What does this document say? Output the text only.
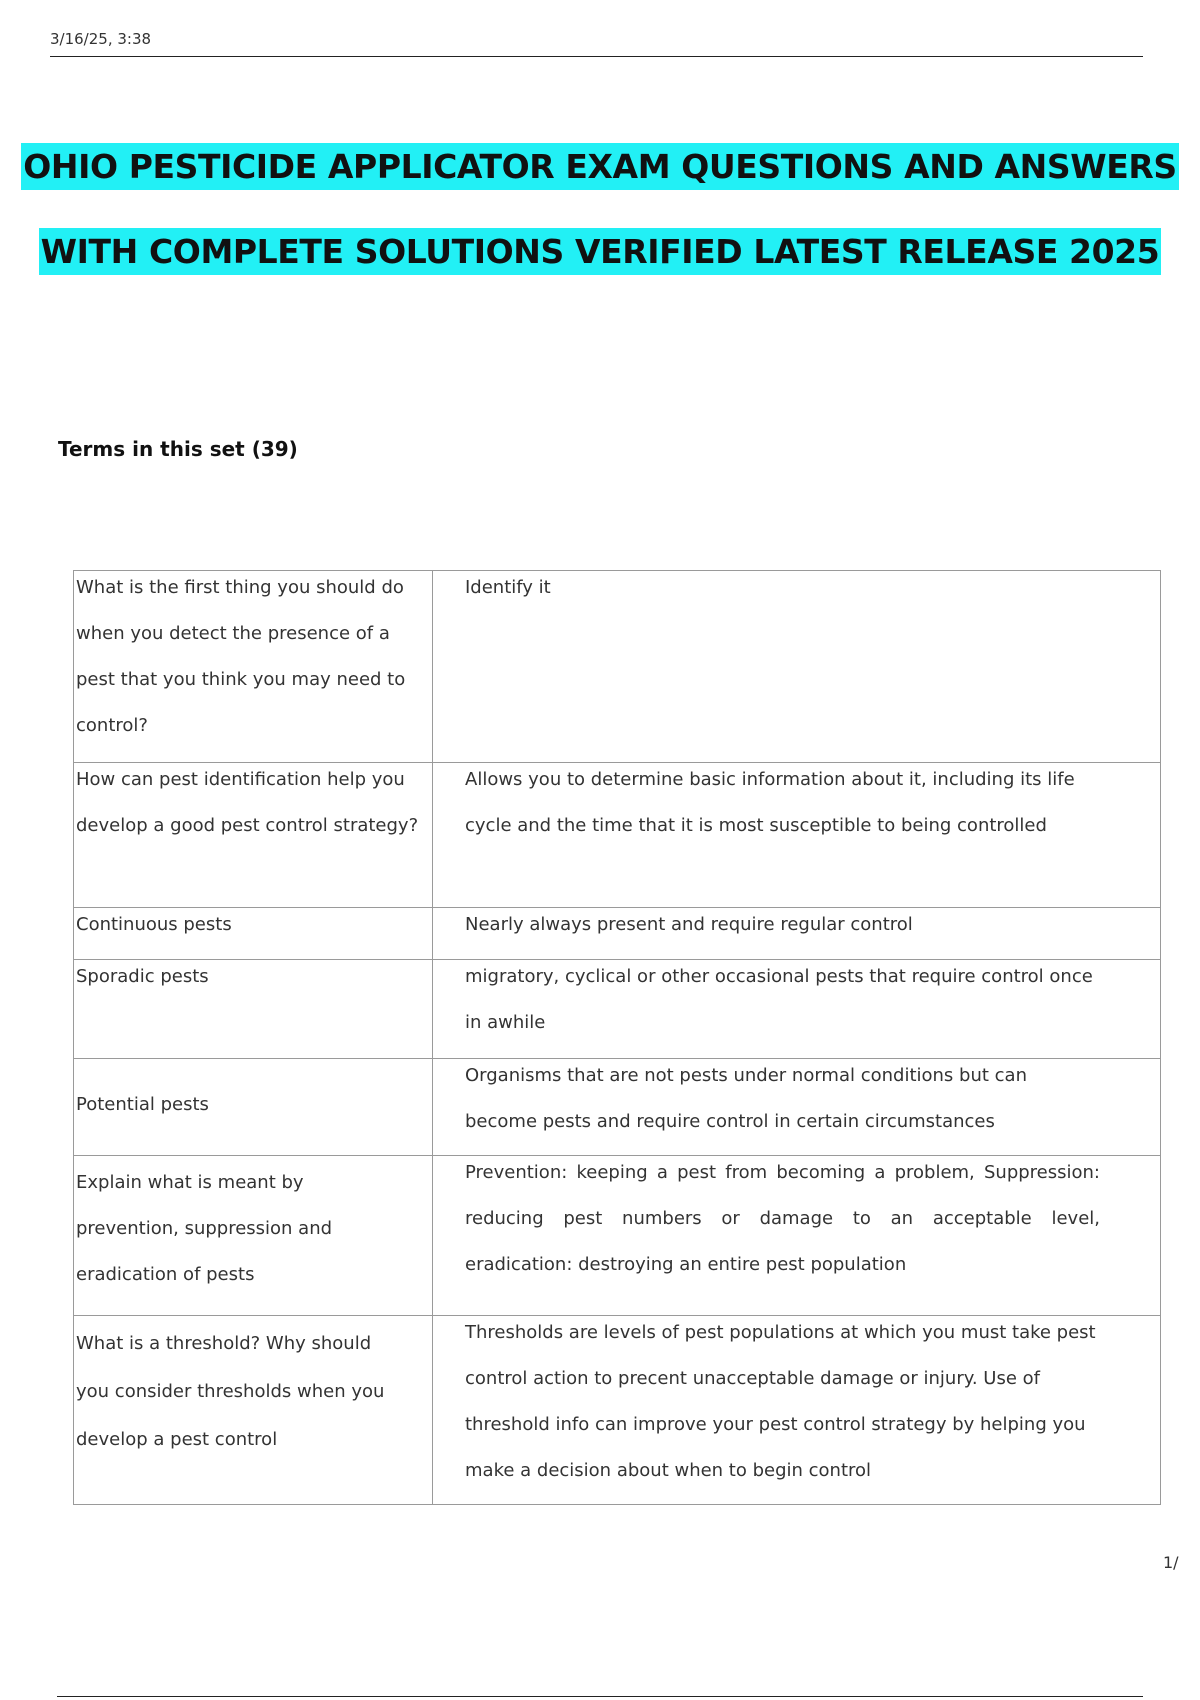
3/16/25, 3:38
OHIO PESTICIDE APPLICATOR EXAM QUESTIONS AND ANSWERS
WITH COMPLETE SOLUTIONS VERIFIED LATEST RELEASE 2025
Terms in this set (39)
What is the first thing you should do when you detect the presence of a pest that you think you may need to control?	Identify it

How can pest identification help you develop a good pest control strategy?	Allows you to determine basic information about it, including its life cycle and the time that it is most susceptible to being controlled

Continuous pests	Nearly always present and require regular control

Sporadic pests	migratory, cyclical or other occasional pests that require control once in awhile

Potential pests	Organisms that are not pests under normal conditions but can become pests and require control in certain circumstances

Explain what is meant by prevention, suppression and eradication of pests	Prevention: keeping a pest from becoming a problem, Suppression: reducing pest numbers or damage to an acceptable level, eradication: destroying an entire pest population

What is a threshold? Why should you consider thresholds when you develop a pest control	Thresholds are levels of pest populations at which you must take pest control action to precent unacceptable damage or injury. Use of threshold info can improve your pest control strategy by helping you make a decision about when to begin control
1/
